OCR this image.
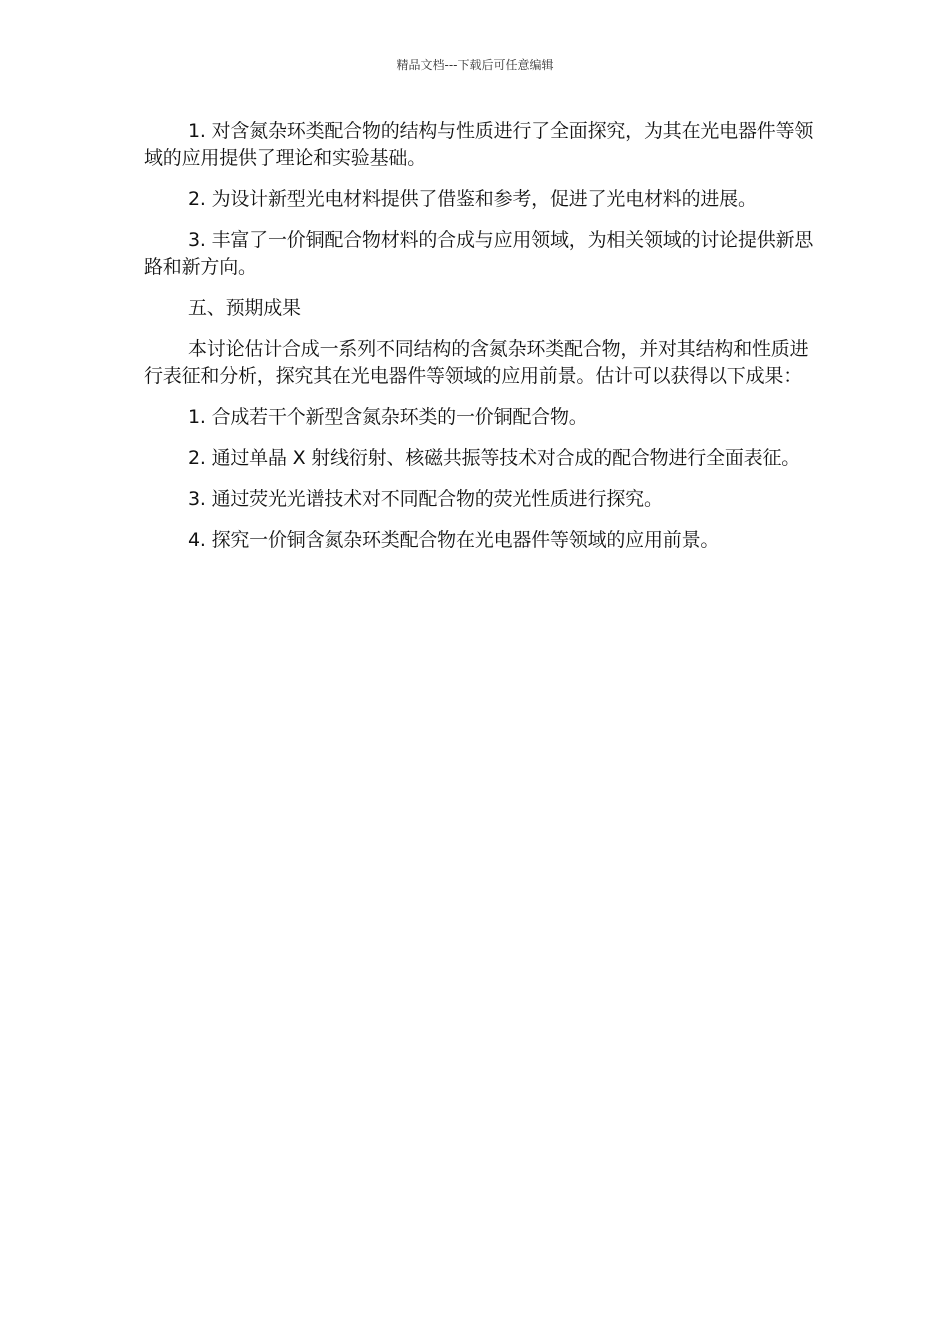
精品文档---下载后可任意编辑

1. 对含氮杂环类配合物的结构与性质进行了全面探究，为其在光电器件等领域的应用提供了理论和实验基础。

2. 为设计新型光电材料提供了借鉴和参考，促进了光电材料的进展。

3. 丰富了一价铜配合物材料的合成与应用领域，为相关领域的讨论提供新思路和新方向。

五、预期成果

本讨论估计合成一系列不同结构的含氮杂环类配合物，并对其结构和性质进行表征和分析，探究其在光电器件等领域的应用前景。估计可以获得以下成果：

1. 合成若干个新型含氮杂环类的一价铜配合物。

2. 通过单晶 X 射线衍射、核磁共振等技术对合成的配合物进行全面表征。

3. 通过荧光光谱技术对不同配合物的荧光性质进行探究。

4. 探究一价铜含氮杂环类配合物在光电器件等领域的应用前景。
